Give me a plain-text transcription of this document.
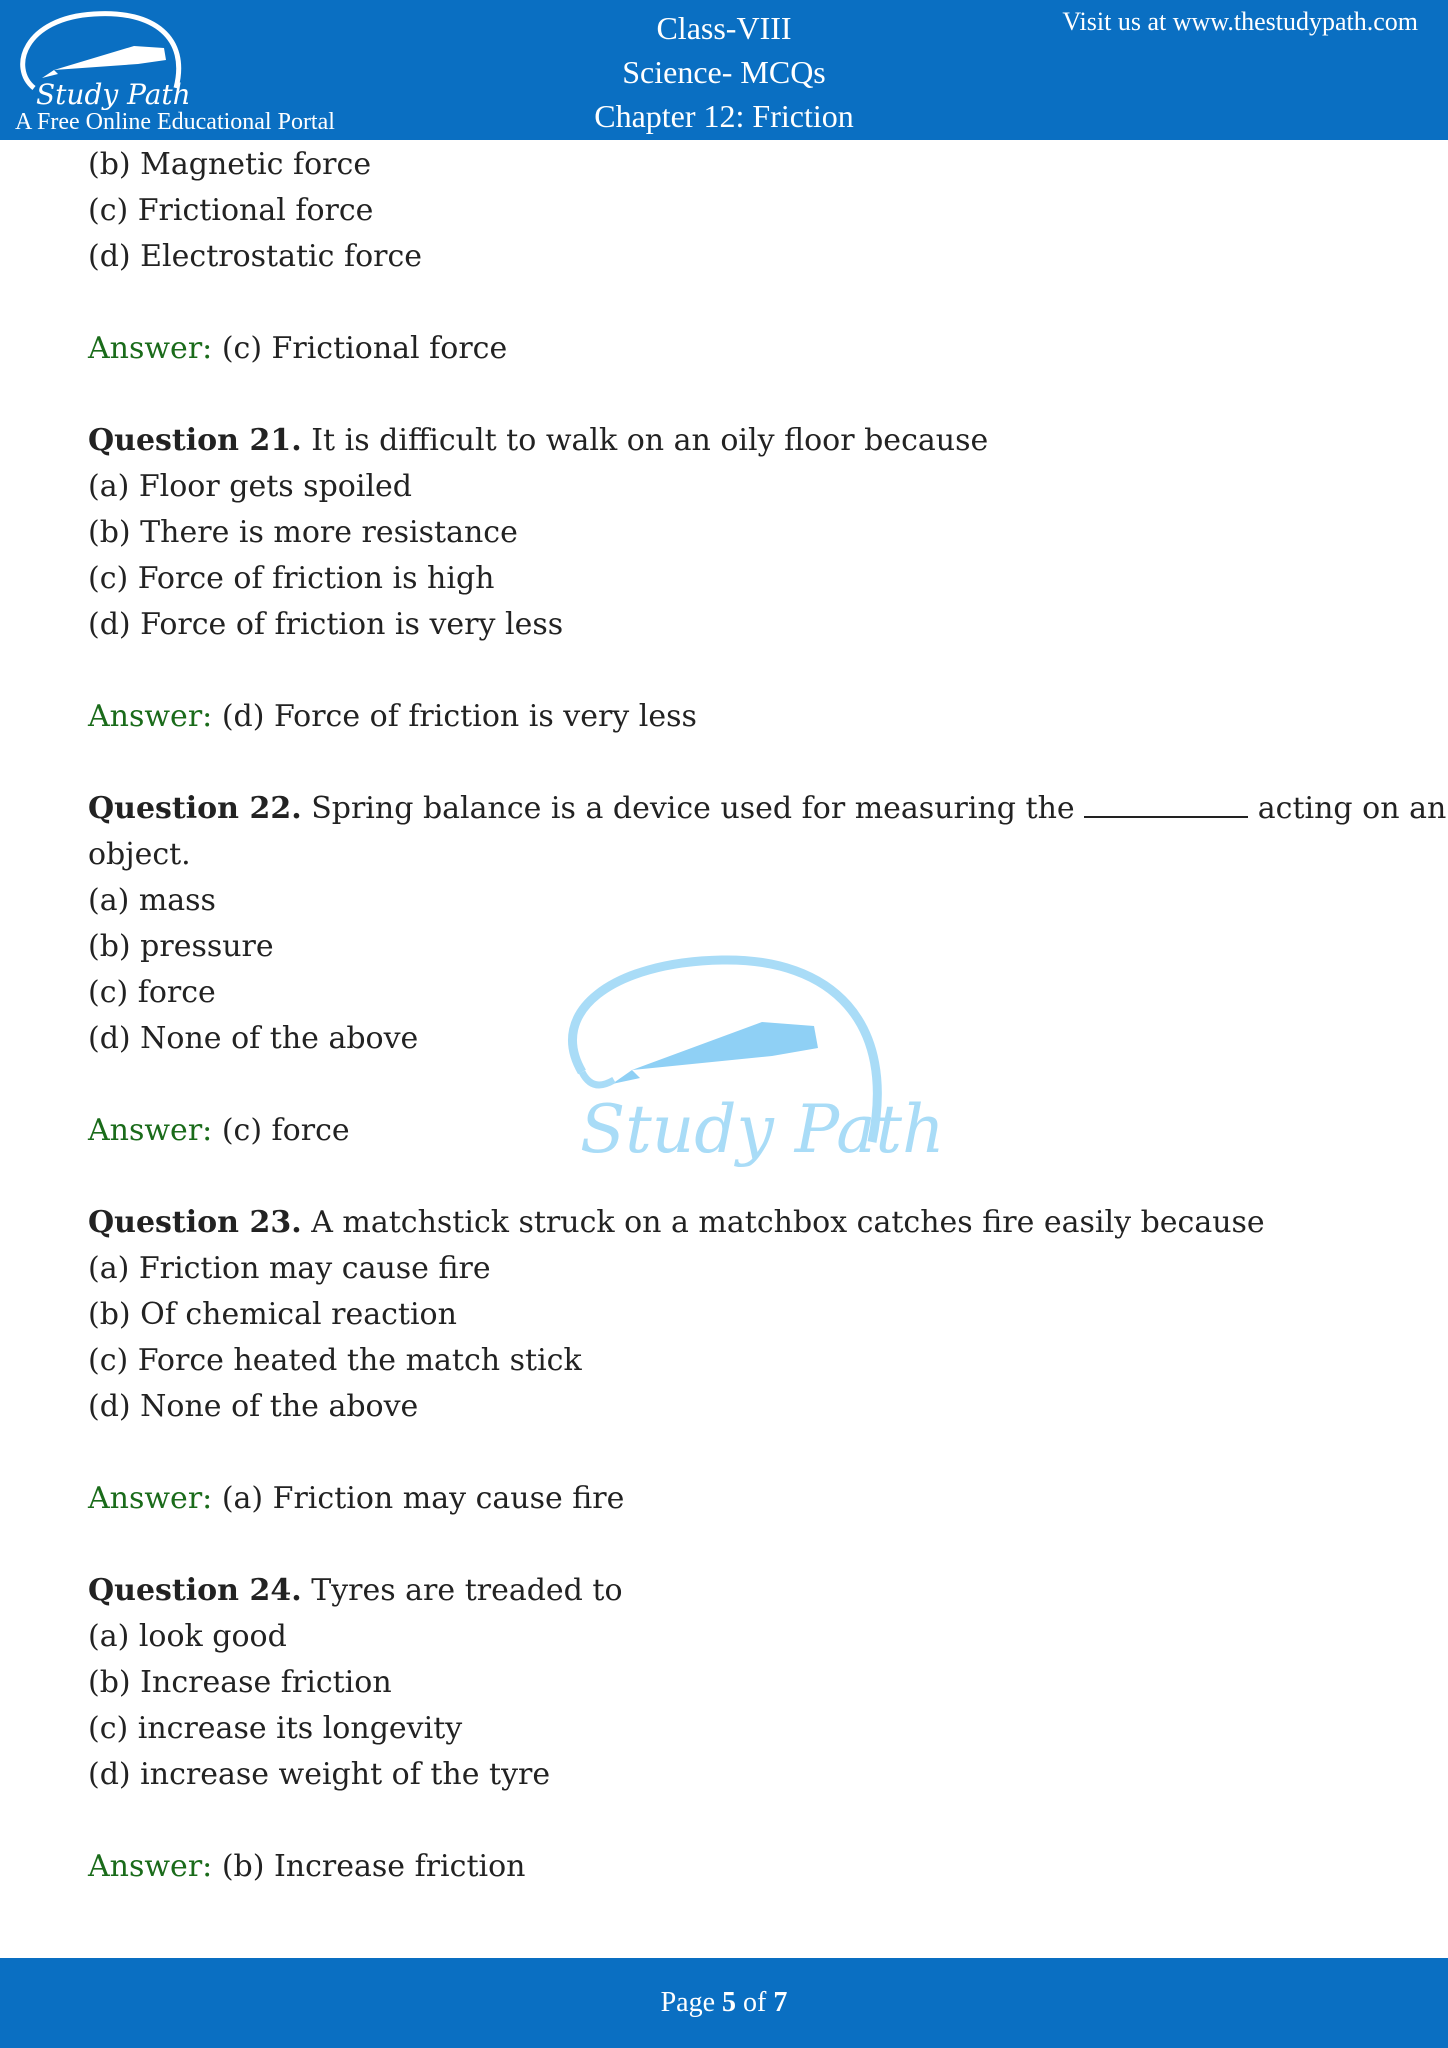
Study Path
A Free Online Educational Portal
Class-VIII
Science- MCQs
Chapter 12: Friction
Visit us at www.thestudypath.com
Study Path
(b) Magnetic force
(c) Frictional force
(d) Electrostatic force
Answer: (c) Frictional force
Question 21. It is difficult to walk on an oily floor because
(a) Floor gets spoiled
(b) There is more resistance
(c) Force of friction is high
(d) Force of friction is very less
Answer: (d) Force of friction is very less
Question 22. Spring balance is a device used for measuring the	acting on an
object.
(a) mass
(b) pressure
(c) force
(d) None of the above
Answer: (c) force
Question 23. A matchstick struck on a matchbox catches fire easily because
(a) Friction may cause fire
(b) Of chemical reaction
(c) Force heated the match stick
(d) None of the above
Answer: (a) Friction may cause fire
Question 24. Tyres are treaded to
(a) look good
(b) Increase friction
(c) increase its longevity
(d) increase weight of the tyre
Answer: (b) Increase friction
Page 5 of 7
